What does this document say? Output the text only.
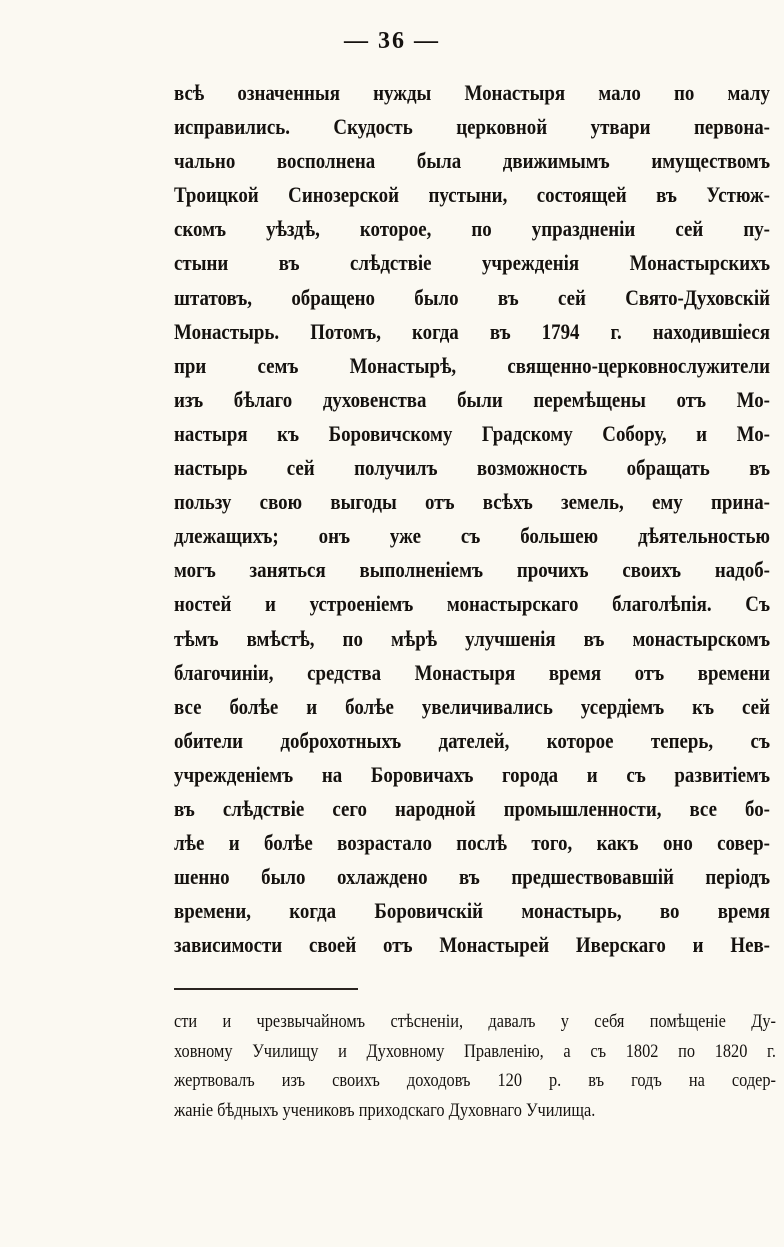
— 36 —
всѣ означенныя нужды Монастыря мало по малу
исправились. Скудость церковной утвари первона-
чально восполнена была движимымъ имуществомъ
Троицкой Синозерской пустыни, состоящей въ Устюж-
скомъ уѣздѣ, которое, по упраздненіи сей пу-
стыни въ слѣдствіе учрежденія Монастырскихъ
штатовъ, обращено было въ сей Свято-Духовскій
Монастырь. Потомъ, когда въ 1794 г. находившіеся
при семъ Монастырѣ, священно-церковнослужители
изъ бѣлаго духовенства были перемѣщены отъ Мо-
настыря къ Боровичскому Градскому Собору, и Мо-
настырь сей получилъ возможность обращать въ
пользу свою выгоды отъ всѣхъ земель, ему прина-
длежащихъ; онъ уже съ большею дѣятельностью
могъ заняться выполненіемъ прочихъ своихъ надоб-
ностей и устроеніемъ монастырскаго благолѣпія. Съ
тѣмъ вмѣстѣ, по мѣрѣ улучшенія въ монастырскомъ
благочиніи, средства Монастыря время отъ времени
все болѣе и болѣе увеличивались усердіемъ къ сей
обители доброхотныхъ дателей, которое теперь, съ
учрежденіемъ на Боровичахъ города и съ развитіемъ
въ слѣдствіе сего народной промышленности, все бо-
лѣе и болѣе возрастало послѣ того, какъ оно совер-
шенно было охлаждено въ предшествовавшій періодъ
времени, когда Боровичскій монастырь, во время
зависимости своей отъ Монастырей Иверскаго и Нев-
сти и чрезвычайномъ стѣсненіи, давалъ у себя помѣщеніе Ду-
ховному Училищу и Духовному Правленію, а съ 1802 по 1820 г.
жертвовалъ изъ своихъ доходовъ 120 р. въ годъ на содер-
жаніе бѣдныхъ учениковъ приходскаго Духовнаго Училища.
